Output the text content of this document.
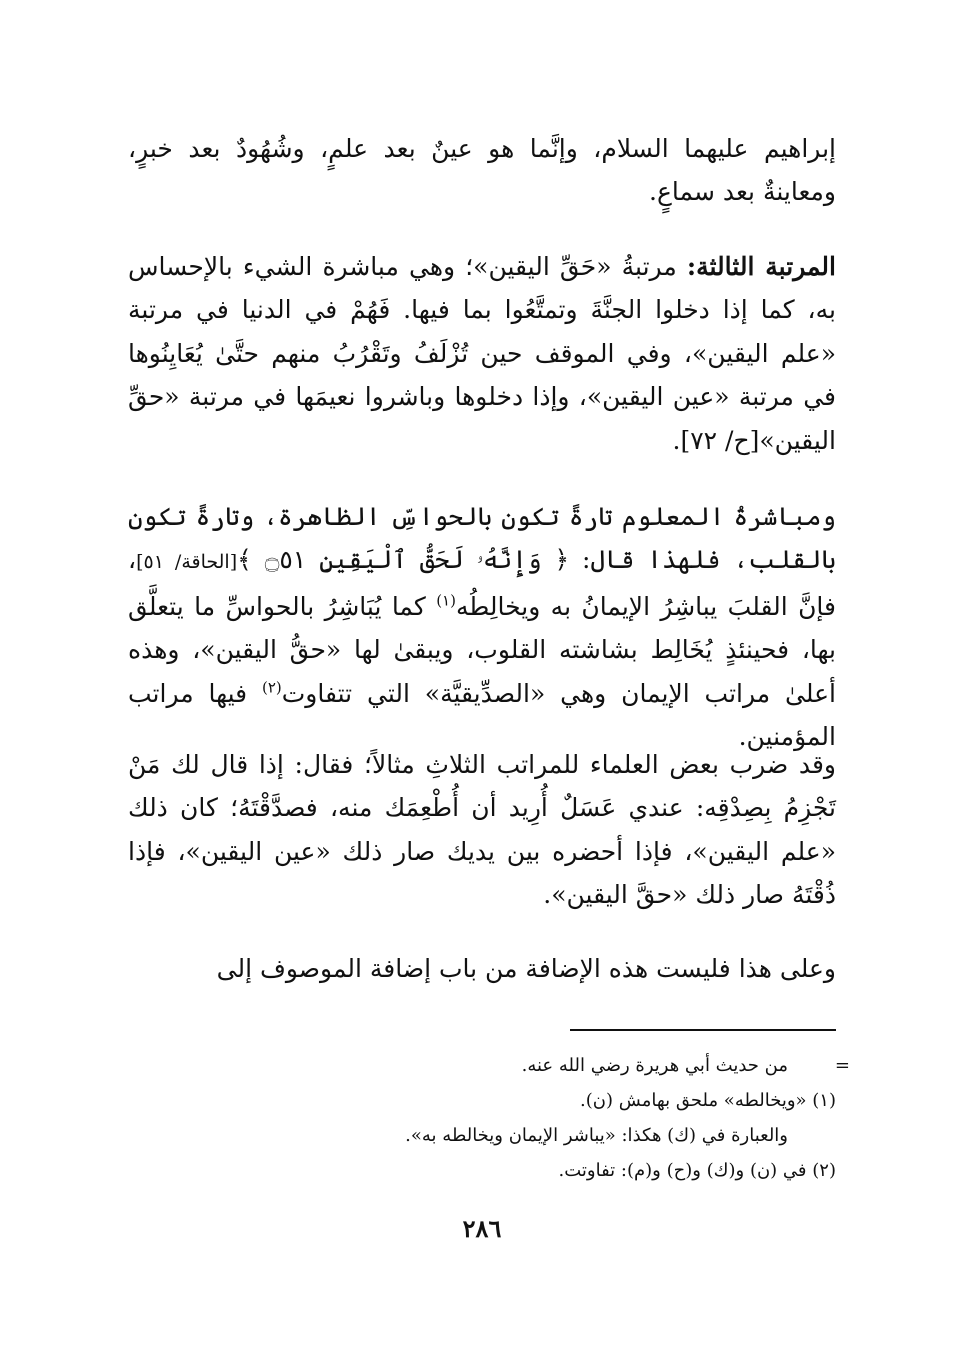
إبراهيم عليهما السلام، وإنَّما هو عينٌ بعد علمٍ، وشُهُودٌ بعد خبرٍ، ومعاينةٌ بعد سماعٍ.

المرتبة الثالثة: مرتبةُ «حَقِّ اليقين»؛ وهي مباشرة الشيء بالإحساس به، كما إذا دخلوا الجنَّةَ وتمتَّعُوا بما فيها. فَهُمْ في الدنيا في مرتبة «علم اليقين»، وفي الموقف حين تُزْلَفُ وتَقْرُبُ منهم حتَّىٰ يُعَايِنُوها في مرتبة «عين اليقين»، وإذا دخلوها وباشروا نعيمَها في مرتبة «حقِّ اليقين»[ح/ ٧٢].

ومباشرةُ المعلوم تارةً تكون بالحواسِّ الظاهرة، وتارةً تكون بالقلب، فلهذا قال: ﴿ وَإِنَّهُۥ لَحَقُّ ٱلْيَقِينِ ۝٥١ ﴾[الحاقة/ ٥١]، فإنَّ القلبَ يباشِرُ الإيمانُ به ويخالِطُه$^{(١)}$ كما يُبَاشِرُ بالحواسِّ ما يتعلَّق بها، فحينئذٍ يُخَالِط بشاشته القلوب، ويبقىٰ لها «حقُّ اليقين»، وهذه أعلىٰ مراتب الإيمان وهي «الصدِّيقيَّة» التي تتفاوت$^{(٢)}$ فيها مراتب المؤمنين.

وقد ضرب بعض العلماء للمراتب الثلاثِ مثالاً؛ فقال: إذا قال لك مَنْ تَجْزِمُ بِصِدْقِه: عندي عَسَلٌ أُرِيد أن أُطْعِمَك منه، فصدَّقْتَهُ؛ كان ذلك «علم اليقين»، فإذا أحضره بين يديك صار ذلك «عين اليقين»، فإذا ذُقْتَهُ صار ذلك «حقَّ اليقين».

وعلى هذا فليست هذه الإضافة من باب إضافة الموصوف إلى

=
من حديث أبي هريرة رضي الله عنه.
(١) «ويخالطه» ملحق بهامش (ن).
والعبارة في (ك) هكذا: «يباشر الإيمان ويخالطه به».
(٢) في (ن) و(ك) و(ح) و(م): تفاوتت.
٢٨٦
